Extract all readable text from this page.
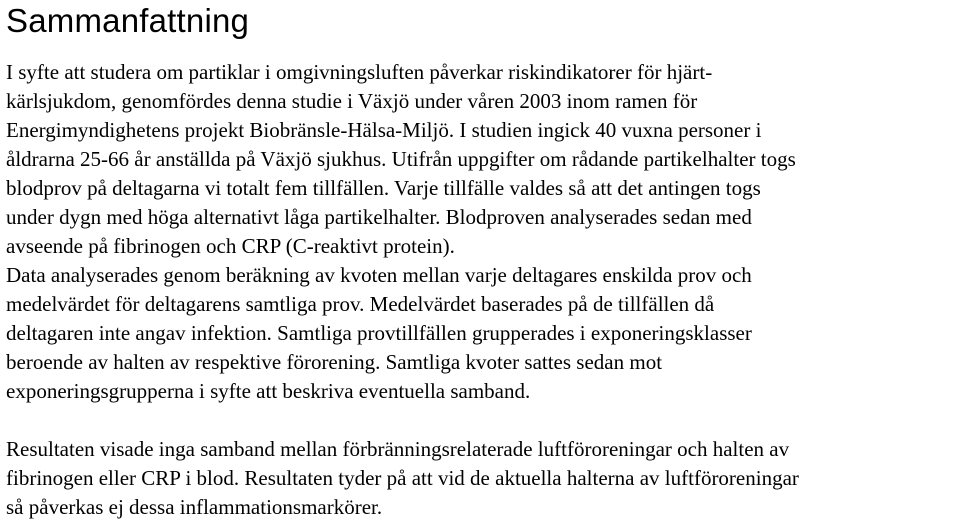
Sammanfattning

I syfte att studera om partiklar i omgivningsluften påverkar riskindikatorer för hjärt-
kärlsjukdom, genomfördes denna studie i Växjö under våren 2003 inom ramen för
Energimyndighetens projekt Biobränsle-Hälsa-Miljö. I studien ingick 40 vuxna personer i
åldrarna 25-66 år anställda på Växjö sjukhus. Utifrån uppgifter om rådande partikelhalter togs
blodprov på deltagarna vi totalt fem tillfällen. Varje tillfälle valdes så att det antingen togs
under dygn med höga alternativt låga partikelhalter. Blodproven analyserades sedan med
avseende på fibrinogen och CRP (C-reaktivt protein).
Data analyserades genom beräkning av kvoten mellan varje deltagares enskilda prov och
medelvärdet för deltagarens samtliga prov. Medelvärdet baserades på de tillfällen då
deltagaren inte angav infektion. Samtliga provtillfällen grupperades i exponeringsklasser
beroende av halten av respektive förorening. Samtliga kvoter sattes sedan mot
exponeringsgrupperna i syfte att beskriva eventuella samband.

Resultaten visade inga samband mellan förbränningsrelaterade luftföroreningar och halten av
fibrinogen eller CRP i blod. Resultaten tyder på att vid de aktuella halterna av luftföroreningar
så påverkas ej dessa inflammationsmarkörer.
